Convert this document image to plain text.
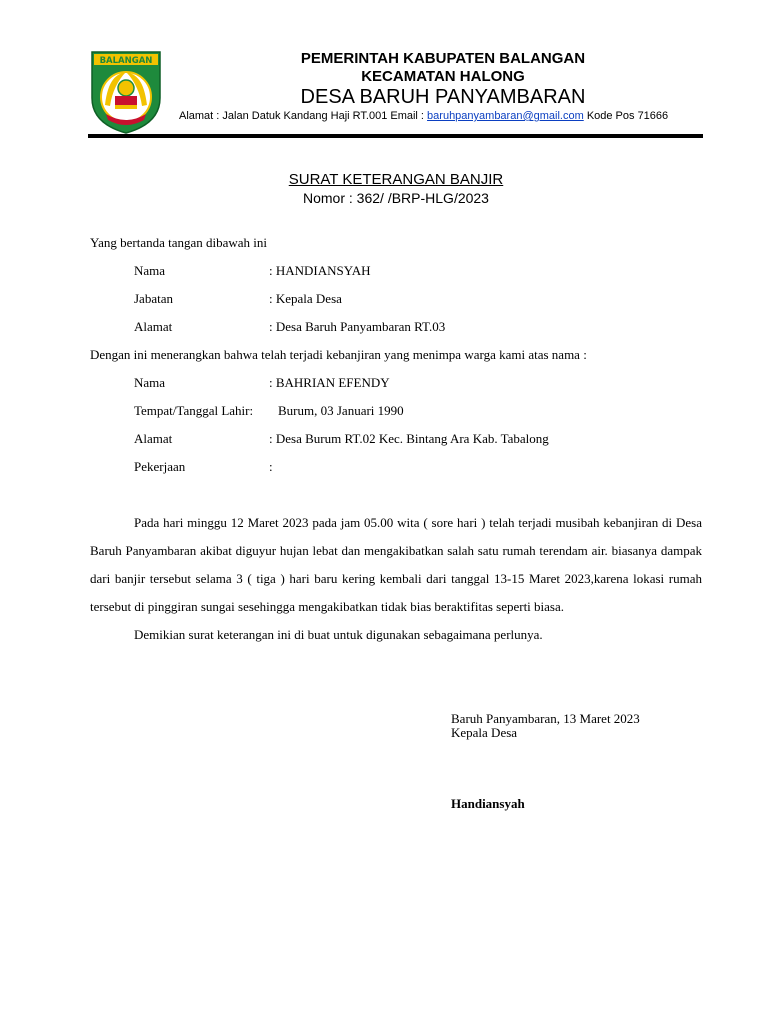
BALANGAN	PEMERINTAH KABUPATEN BALANGAN
KECAMATAN HALONG
DESA BARUH PANYAMBARAN
Alamat : Jalan Datuk Kandang Haji RT.001 Email : baruhpanyambaran@gmail.com Kode Pos 71666
SURAT KETERANGAN BANJIR
Nomor : 362/ /BRP-HLG/2023
Yang bertanda tangan dibawah ini
Nama	: HANDIANSYAH
Jabatan	: Kepala Desa
Alamat	: Desa Baruh Panyambaran RT.03
Dengan ini menerangkan bahwa telah terjadi kebanjiran yang menimpa warga kami atas nama :
Nama	: BAHRIAN EFENDY
Tempat/Tanggal Lahir: Burum, 03 Januari 1990
Alamat	: Desa Burum RT.02 Kec. Bintang Ara Kab. Tabalong
Pekerjaan	:

Pada hari minggu 12 Maret 2023 pada jam 05.00 wita ( sore hari ) telah terjadi musibah kebanjiran di Desa Baruh Panyambaran akibat diguyur hujan lebat dan mengakibatkan salah satu rumah terendam air. biasanya dampak dari banjir tersebut selama 3 ( tiga ) hari baru kering kembali dari tanggal 13-15 Maret 2023,karena lokasi rumah tersebut di pinggiran sungai sesehingga mengakibatkan tidak bias beraktifitas seperti biasa.

Demikian surat keterangan ini di buat untuk digunakan sebagaimana perlunya.

Baruh Panyambaran, 13 Maret 2023
Kepala Desa
Handiansyah
